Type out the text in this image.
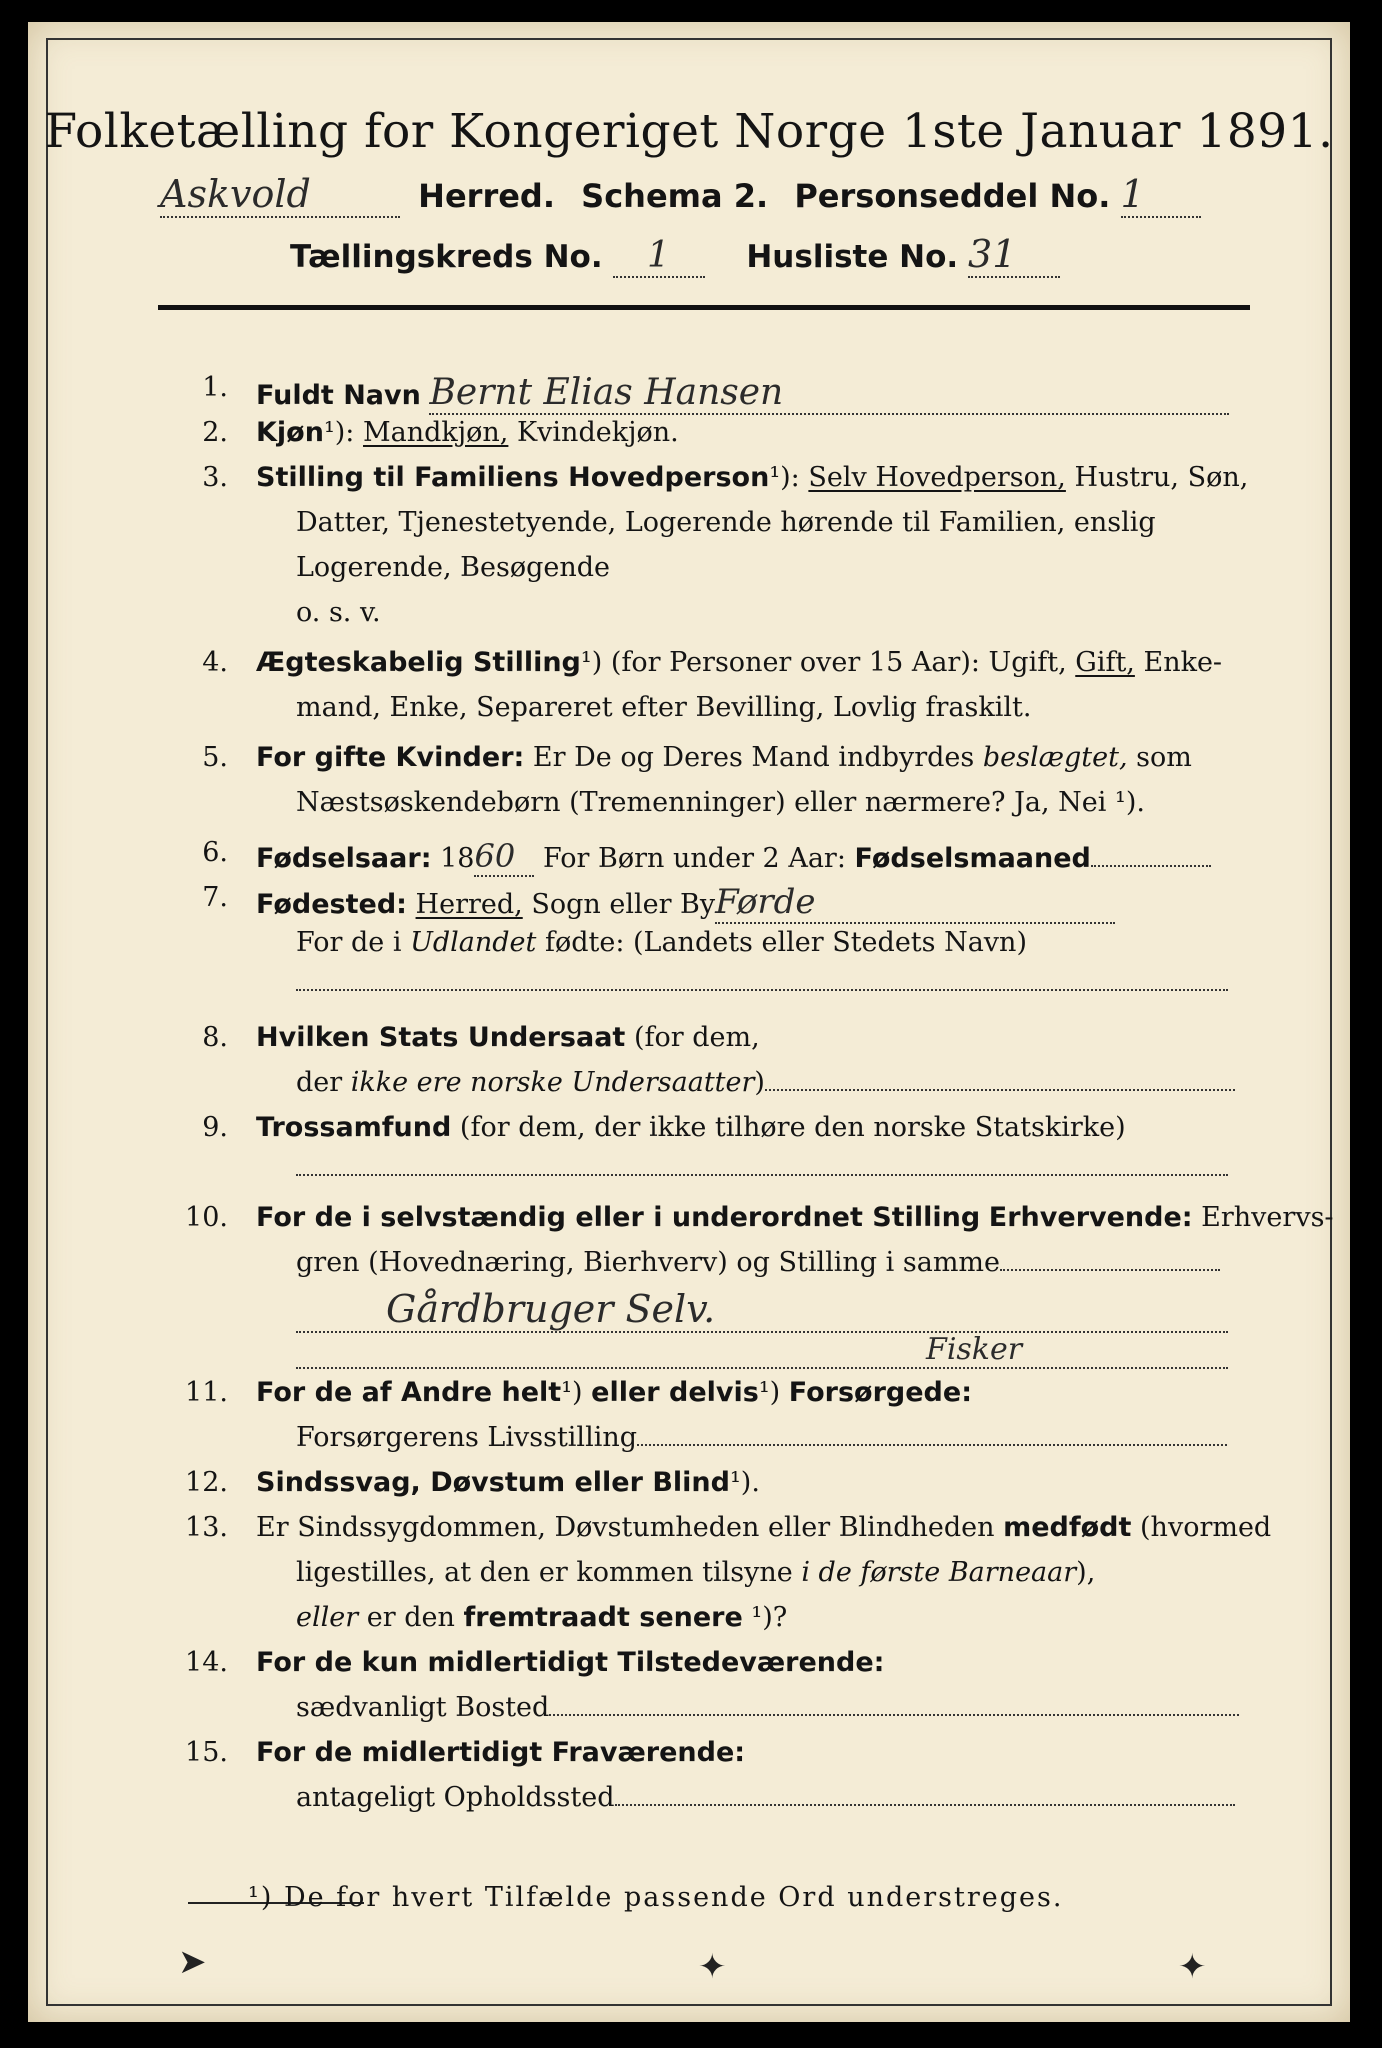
Folketælling for Kongeriget Norge 1ste Januar 1891.
Askvold	Herred. Schema 2. Personseddel No. 1
Tællingskreds No. 1 Husliste No. 31
1. Fuldt Navn Bernt Elias Hansen
2. Kjøn¹): Mandkjøn, Kvindekjøn.
3. Stilling til Familiens Hovedperson¹): Selv Hovedperson, Hustru, Søn,
Datter, Tjenestetyende, Logerende hørende til Familien, enslig
Logerende, Besøgende
o. s. v.
4. Ægteskabelig Stilling¹) (for Personer over 15 Aar): Ugift, Gift, Enke-
mand, Enke, Separeret efter Bevilling, Lovlig fraskilt.
5. For gifte Kvinder: Er De og Deres Mand indbyrdes beslægtet, som
Næstsøskendebørn (Tremenninger) eller nærmere? Ja, Nei ¹).
6. Fødselsaar: 1860 For Børn under 2 Aar: Fødselsmaaned
7. Fødested: Herred, Sogn eller ByFørde
For de i Udlandet fødte: (Landets eller Stedets Navn)
8. Hvilken Stats Undersaat (for dem,
der ikke ere norske Undersaatter)
9. Trossamfund (for dem, der ikke tilhøre den norske Statskirke)
10. For de i selvstændig eller i underordnet Stilling Erhvervende: Erhvervs-
gren (Hovednæring, Bierhverv) og Stilling i samme
Gårdbruger Selv.
Fisker
11. For de af Andre helt¹) eller delvis¹) Forsørgede:
Forsørgerens Livsstilling
12. Sindssvag, Døvstum eller Blind¹).
13. Er Sindssygdommen, Døvstumheden eller Blindheden medfødt (hvormed
ligestilles, at den er kommen tilsyne i de første Barneaar),
eller er den fremtraadt senere ¹)?
14. For de kun midlertidigt Tilstedeværende:
sædvanligt Bosted
15. For de midlertidigt Fraværende:
antageligt Opholdssted
¹) De for hvert Tilfælde passende Ord understreges.
➤	✦	✦
